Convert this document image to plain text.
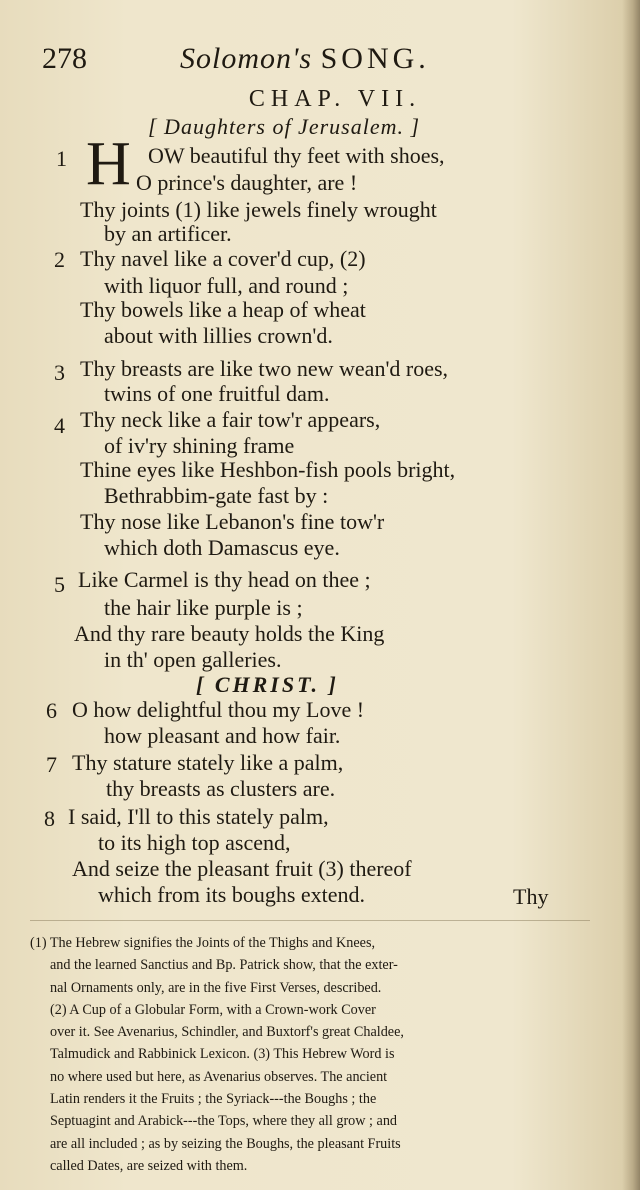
278	Solomon's SONG.
CHAP. VII.
[ Daughters of Jerusalem. ]
1 H OW beautiful thy feet with shoes,
O prince's daughter, are !
Thy joints (1) like jewels finely wrought
by an artificer.
2 Thy navel like a cover'd cup, (2)
with liquor full, and round ;
Thy bowels like a heap of wheat
about with lillies crown'd.
3 Thy breasts are like two new wean'd roes,
twins of one fruitful dam.
4 Thy neck like a fair tow'r appears,
of iv'ry shining frame
Thine eyes like Heshbon-fish pools bright,
Bethrabbim-gate fast by :
Thy nose like Lebanon's fine tow'r
which doth Damascus eye.
5 Like Carmel is thy head on thee ;
the hair like purple is ;
And thy rare beauty holds the King
in th' open galleries.
[ CHRIST. ]
6 O how delightful thou my Love !
how pleasant and how fair.
7 Thy stature stately like a palm,
thy breasts as clusters are.
8 I said, I'll to this stately palm,
to its high top ascend,
And seize the pleasant fruit (3) thereof
which from its boughs extend.	Thy

(1) The Hebrew signifies the Joints of the Thighs and Knees,

and the learned Sanctius and Bp. Patrick show, that the exter-

nal Ornaments only, are in the five First Verses, described.

(2) A Cup of a Globular Form, with a Crown-work Cover

over it. See Avenarius, Schindler, and Buxtorf's great Chaldee,

Talmudick and Rabbinick Lexicon. (3) This Hebrew Word is

no where used but here, as Avenarius observes. The ancient

Latin renders it the Fruits ; the Syriack---the Boughs ; the

Septuagint and Arabick---the Tops, where they all grow ; and

are all included ; as by seizing the Boughs, the pleasant Fruits

called Dates, are seized with them.
